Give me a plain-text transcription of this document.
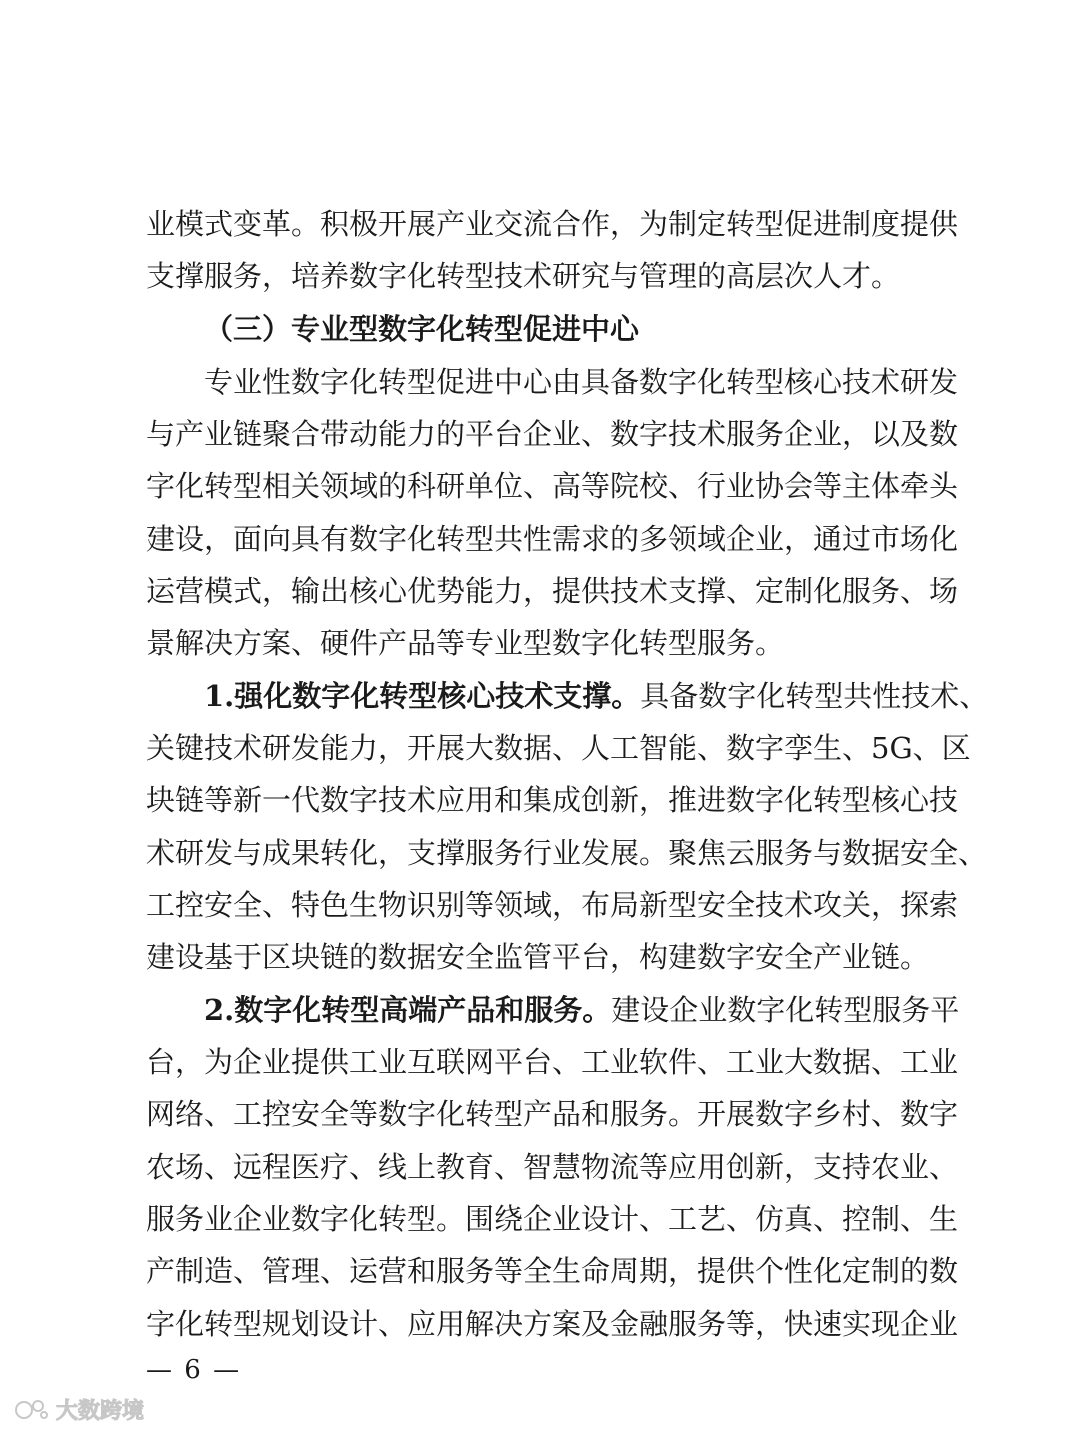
业模式变革。积极开展产业交流合作，为制定转型促进制度提供
支撑服务，培养数字化转型技术研究与管理的高层次人才。
（三）专业型数字化转型促进中心
专业性数字化转型促进中心由具备数字化转型核心技术研发
与产业链聚合带动能力的平台企业、数字技术服务企业，以及数
字化转型相关领域的科研单位、高等院校、行业协会等主体牵头
建设，面向具有数字化转型共性需求的多领域企业，通过市场化
运营模式，输出核心优势能力，提供技术支撑、定制化服务、场
景解决方案、硬件产品等专业型数字化转型服务。
1.强化数字化转型核心技术支撑。具备数字化转型共性技术、
关键技术研发能力，开展大数据、人工智能、数字孪生、5G、区
块链等新一代数字技术应用和集成创新，推进数字化转型核心技
术研发与成果转化，支撑服务行业发展。聚焦云服务与数据安全、
工控安全、特色生物识别等领域，布局新型安全技术攻关，探索
建设基于区块链的数据安全监管平台，构建数字安全产业链。
2.数字化转型高端产品和服务。建设企业数字化转型服务平
台，为企业提供工业互联网平台、工业软件、工业大数据、工业
网络、工控安全等数字化转型产品和服务。开展数字乡村、数字
农场、远程医疗、线上教育、智慧物流等应用创新，支持农业、
服务业企业数字化转型。围绕企业设计、工艺、仿真、控制、生
产制造、管理、运营和服务等全生命周期，提供个性化定制的数
字化转型规划设计、应用解决方案及金融服务等，快速实现企业
— 6 —
大数跨境
